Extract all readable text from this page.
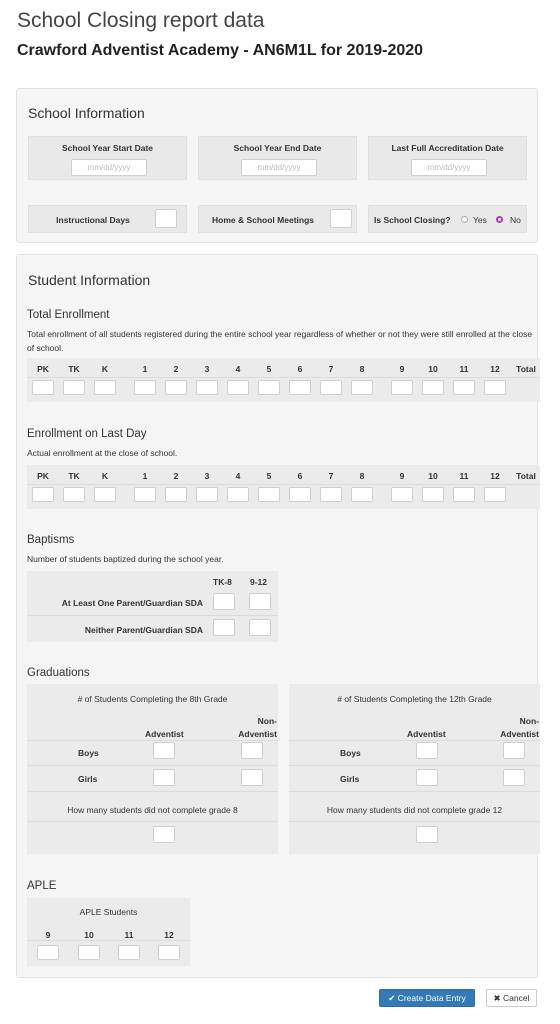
School Closing report data
Crawford Adventist Academy - AN6M1L for 2019-2020
School Information
School Year Start Date
mm/dd/yyyy
School Year End Date
mm/dd/yyyy
Last Full Accreditation Date
mm/dd/yyyy
Instructional Days	Home & School Meetings	Is School Closing?	Yes	No
Student Information
Total Enrollment
Total enrollment of all students registered during the entire school year regardless of whether or not they were still enrolled at the close of school.
PK	TK	K	1	2	3	4	5	6	7	8	9	10	11	12	Total
Enrollment on Last Day
Actual enrollment at the close of school.
PK	TK	K	1	2	3	4	5	6	7	8	9	10	11	12	Total
Baptisms
Number of students baptized during the school year.
TK-8 9-12
At Least One Parent/Guardian SDA
Neither Parent/Guardian SDA
Graduations
# of Students Completing the 8th Grade
Adventist
Non-
Adventist
Boys
Girls
How many students did not complete grade 8
# of Students Completing the 12th Grade
Adventist
Non-
Adventist
Boys
Girls
How many students did not complete grade 12
APLE
APLE Students
9	10	11	12
✔ Create Data Entry	✖ Cancel
